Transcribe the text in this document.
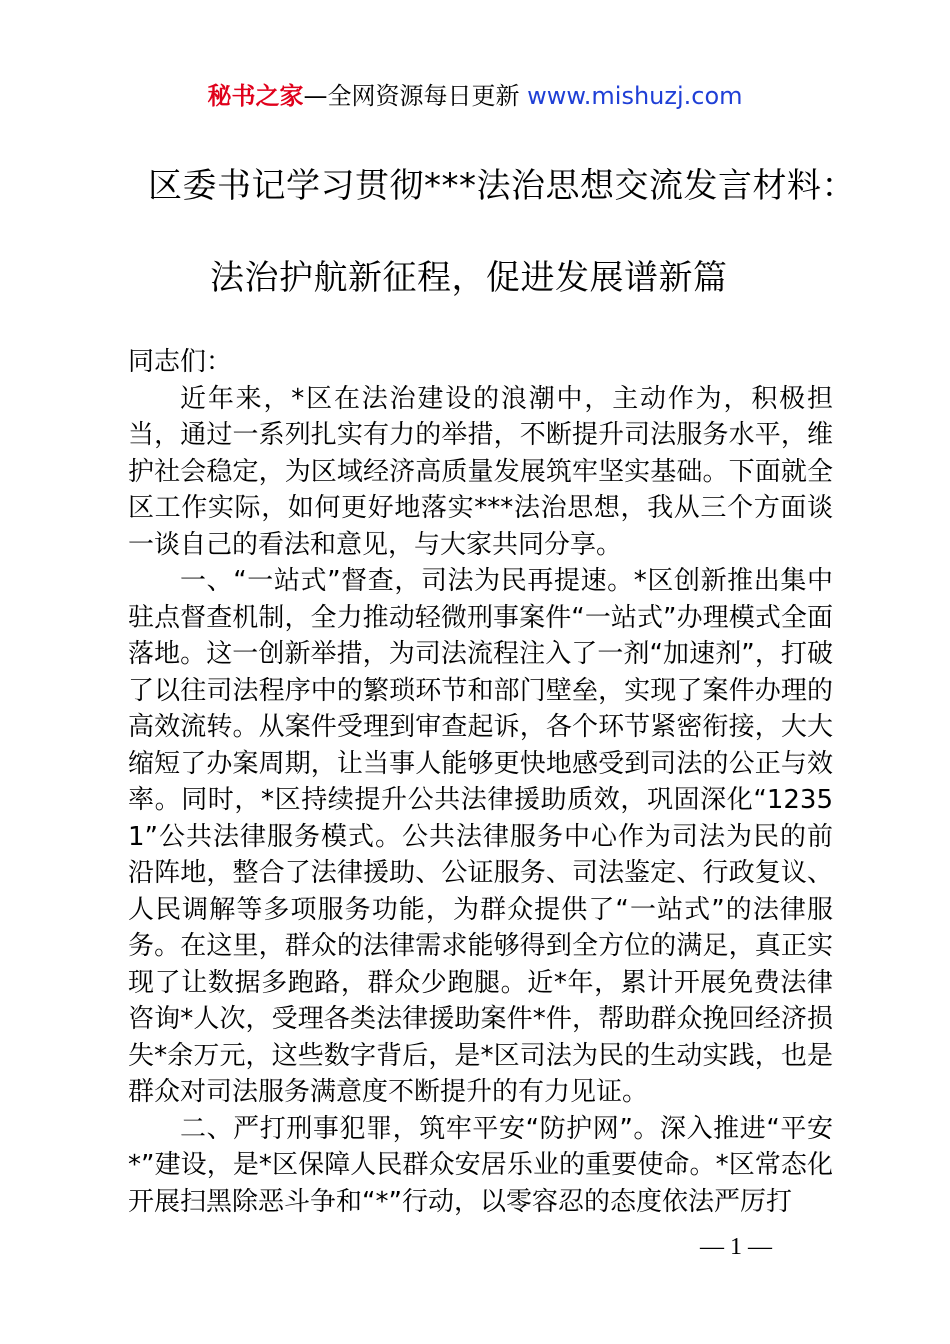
秘书之家—全网资源每日更新 www.mishuzj.com
区委书记学习贯彻***法治思想交流发言材料：
法治护航新征程，促进发展谱新篇

同志们：

近年来，*区在法治建设的浪潮中，主动作为，积极担当，通过一系列扎实有力的举措，不断提升司法服务水平，维护社会稳定，为区域经济高质量发展筑牢坚实基础。下面就全区工作实际，如何更好地落实***法治思想，我从三个方面谈一谈自己的看法和意见，与大家共同分享。

一、“一站式”督查，司法为民再提速。*区创新推出集中驻点督查机制，全力推动轻微刑事案件“一站式”办理模式全面落地。这一创新举措，为司法流程注入了一剂“加速剂”，打破了以往司法程序中的繁琐环节和部门壁垒，实现了案件办理的高效流转。从案件受理到审查起诉，各个环节紧密衔接，大大缩短了办案周期，让当事人能够更快地感受到司法的公正与效率。同时，*区持续提升公共法律援助质效，巩固深化“12351”公共法律服务模式。公共法律服务中心作为司法为民的前沿阵地，整合了法律援助、公证服务、司法鉴定、行政复议、人民调解等多项服务功能，为群众提供了“一站式”的法律服务。在这里，群众的法律需求能够得到全方位的满足，真正实现了让数据多跑路，群众少跑腿。近*年，累计开展免费法律咨询*人次，受理各类法律援助案件*件，帮助群众挽回经济损失*余万元，这些数字背后，是*区司法为民的生动实践，也是群众对司法服务满意度不断提升的有力见证。

二、严打刑事犯罪，筑牢平安“防护网”。深入推进“平安*”建设，是*区保障人民群众安居乐业的重要使命。*区常态化开展扫黑除恶斗争和“*”行动，以零容忍的态度依法严厉打

— 1 —
